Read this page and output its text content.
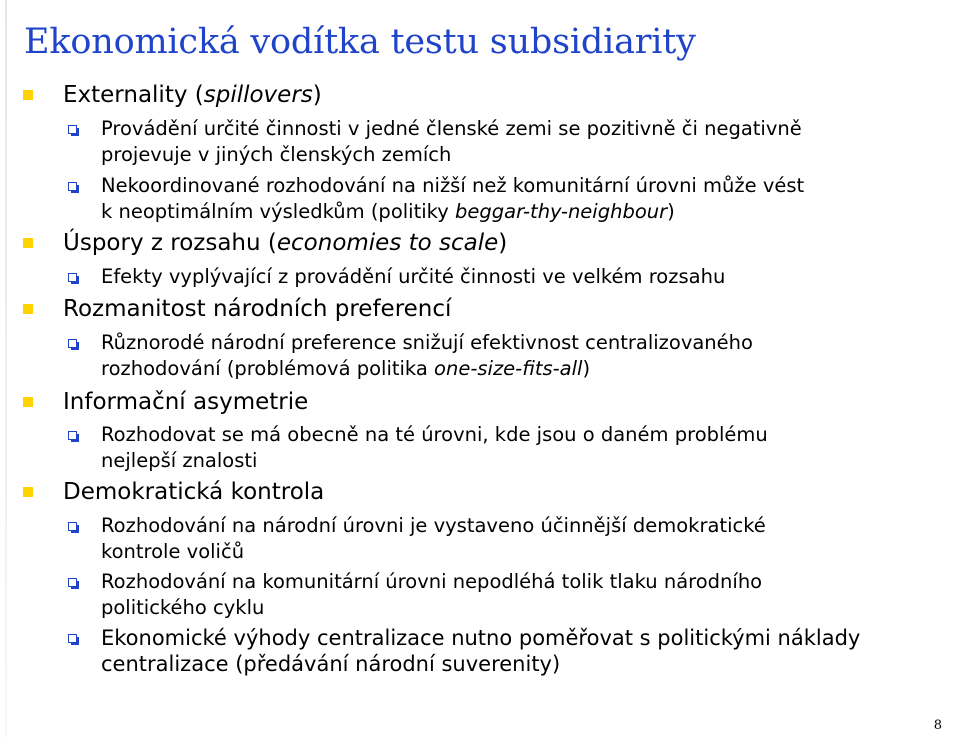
Ekonomická vodítka testu subsidiarity
Externality (spillovers)
Provádění určité činnosti v jedné členské zemi se pozitivně či negativně
projevuje v jiných členských zemích
Nekoordinované rozhodování na nižší než komunitární úrovni může vést
k neoptimálním výsledkům (politiky beggar-thy-neighbour)
Úspory z rozsahu (economies to scale)
Efekty vyplývající z provádění určité činnosti ve velkém rozsahu
Rozmanitost národních preferencí
Různorodé národní preference snižují efektivnost centralizovaného
rozhodování (problémová politika one-size-fits-all)
Informační asymetrie
Rozhodovat se má obecně na té úrovni, kde jsou o daném problému
nejlepší znalosti
Demokratická kontrola
Rozhodování na národní úrovni je vystaveno účinnější demokratické
kontrole voličů
Rozhodování na komunitární úrovni nepodléhá tolik tlaku národního
politického cyklu
Ekonomické výhody centralizace nutno poměřovat s politickými náklady
centralizace (předávání národní suverenity)
8
